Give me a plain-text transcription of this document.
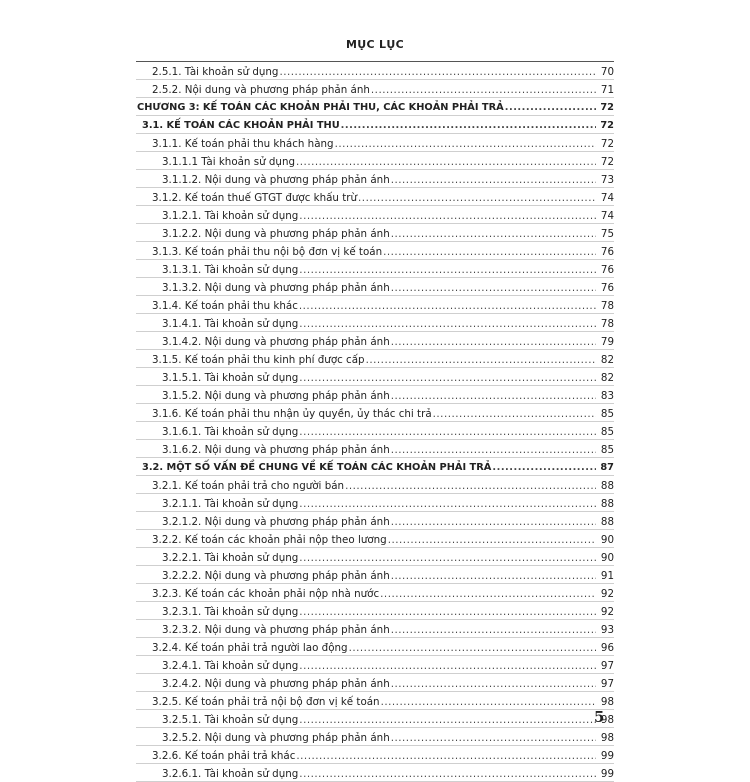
MỤC LỤC
2.5.1. Tài khoản sử dụng .....	70
2.5.2. Nội dung và phương pháp phản ánh .....	71
CHƯƠNG 3: KẾ TOÁN CÁC KHOẢN PHẢI THU, CÁC KHOẢN PHẢI TRẢ .....	72
3.1. KẾ TOÁN CÁC KHOẢN PHẢI THU .....	72
3.1.1. Kế toán phải thu khách hàng .....	72
3.1.1.1 Tài khoản sử dụng .....	72
3.1.1.2. Nội dung và phương pháp phản ánh .....	73
3.1.2. Kế toán thuế GTGT được khấu trừ .....	74
3.1.2.1. Tài khoản sử dụng .....	74
3.1.2.2. Nội dung và phương pháp phản ánh .....	75
3.1.3. Kế toán phải thu nội bộ đơn vị kế toán .....	76
3.1.3.1. Tài khoản sử dụng .....	76
3.1.3.2. Nội dung và phương pháp phản ánh .....	76
3.1.4. Kế toán phải thu khác .....	78
3.1.4.1. Tài khoản sử dụng .....	78
3.1.4.2. Nội dung và phương pháp phản ánh .....	79
3.1.5. Kế toán phải thu kinh phí được cấp .....	82
3.1.5.1. Tài khoản sử dụng .....	82
3.1.5.2. Nội dung và phương pháp phản ánh .....	83
3.1.6. Kế toán phải thu nhận ủy quyền, ủy thác chi trả .....	85
3.1.6.1. Tài khoản sử dụng .....	85
3.1.6.2. Nội dung và phương pháp phản ánh .....	85
3.2. MỘT SỐ VẤN ĐỀ CHUNG VỀ KẾ TOÁN CÁC KHOẢN PHẢI TRẢ .....	87
3.2.1. Kế toán phải trả cho người bán .....	88
3.2.1.1. Tài khoản sử dụng .....	88
3.2.1.2. Nội dung và phương pháp phản ánh .....	88
3.2.2. Kế toán các khoản phải nộp theo lương .....	90
3.2.2.1. Tài khoản sử dụng .....	90
3.2.2.2. Nội dung và phương pháp phản ánh .....	91
3.2.3. Kế toán các khoản phải nộp nhà nước .....	92
3.2.3.1. Tài khoản sử dụng .....	92
3.2.3.2. Nội dung và phương pháp phản ánh .....	93
3.2.4. Kế toán phải trả người lao động .....	96
3.2.4.1. Tài khoản sử dụng .....	97
3.2.4.2. Nội dung và phương pháp phản ánh .....	97
3.2.5. Kế toán phải trả nội bộ đơn vị kế toán .....	98
3.2.5.1. Tài khoản sử dụng .....	98
3.2.5.2. Nội dung và phương pháp phản ánh .....	98
3.2.6. Kế toán phải trả khác .....	99
3.2.6.1. Tài khoản sử dụng .....	99
5
